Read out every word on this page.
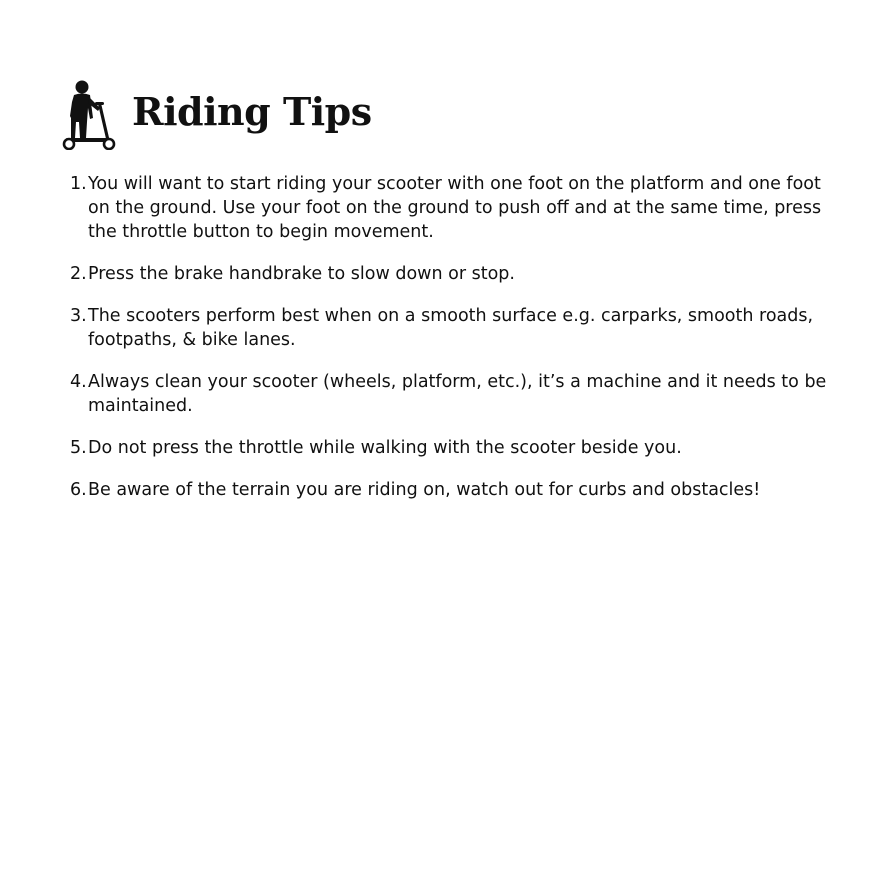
Riding Tips
1. You will want to start riding your scooter with one foot on the platform and one foot on the ground. Use your foot on the ground to push off and at the same time, press the throttle button to begin movement.
2. Press the brake handbrake to slow down or stop.
3. The scooters perform best when on a smooth surface e.g. carparks, smooth roads, footpaths, & bike lanes.
4. Always clean your scooter (wheels, platform, etc.), it’s a machine and it needs to be maintained.
5. Do not press the throttle while walking with the scooter beside you.
6. Be aware of the terrain you are riding on, watch out for curbs and obstacles!
